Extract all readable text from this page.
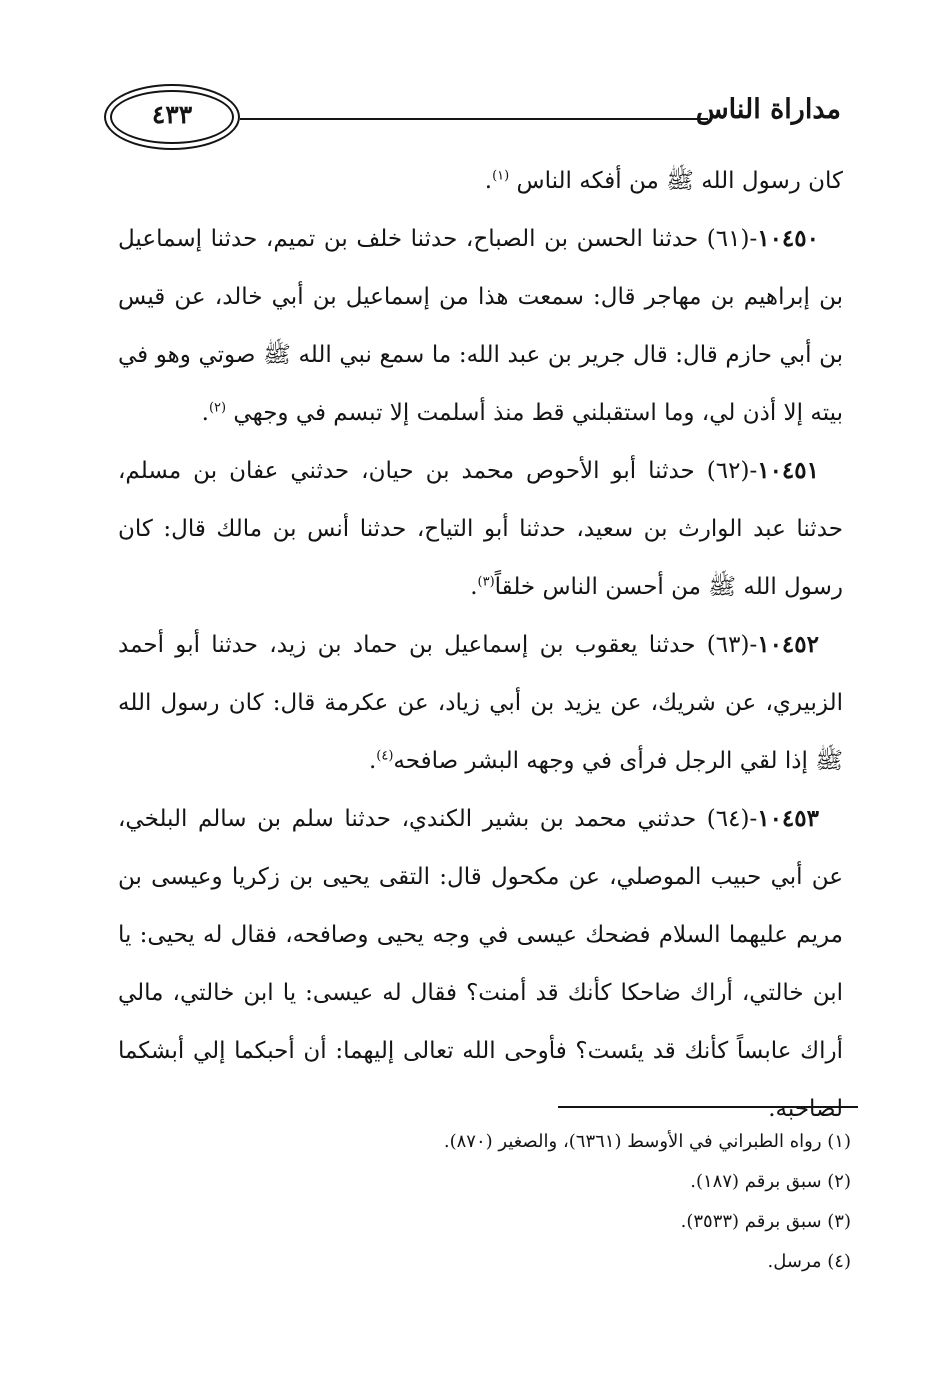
مداراة الناس
٤٣٣

كان رسول الله ﷺ من أفكه الناس $^{(١)}$.

١٠٤٥٠-(٦١) حدثنا الحسن بن الصباح، حدثنا خلف بن تميم، حدثنا إسماعيل بن إبراهيم بن مهاجر قال: سمعت هذا من إسماعيل بن أبي خالد، عن قيس بن أبي حازم قال: قال جرير بن عبد الله: ما سمع نبي الله ﷺ صوتي وهو في بيته إلا أذن لي، وما استقبلني قط منذ أسلمت إلا تبسم في وجهي $^{(٢)}$.

١٠٤٥١-(٦٢) حدثنا أبو الأحوص محمد بن حيان، حدثني عفان بن مسلم، حدثنا عبد الوارث بن سعيد، حدثنا أبو التياح، حدثنا أنس بن مالك قال: كان رسول الله ﷺ من أحسن الناس خلقاً$^{(٣)}$.

١٠٤٥٢-(٦٣) حدثنا يعقوب بن إسماعيل بن حماد بن زيد، حدثنا أبو أحمد الزبيري، عن شريك، عن يزيد بن أبي زياد، عن عكرمة قال: كان رسول الله ﷺ إذا لقي الرجل فرأى في وجهه البشر صافحه$^{(٤)}$.

١٠٤٥٣-(٦٤) حدثني محمد بن بشير الكندي، حدثنا سلم بن سالم البلخي، عن أبي حبيب الموصلي، عن مكحول قال: التقى يحيى بن زكريا وعيسى بن مريم عليهما السلام فضحك عيسى في وجه يحيى وصافحه، فقال له يحيى: يا ابن خالتي، أراك ضاحكا كأنك قد أمنت؟ فقال له عيسى: يا ابن خالتي، مالي أراك عابساً كأنك قد يئست؟ فأوحى الله تعالى إليهما: أن أحبكما إلي أبشكما لصاحبه.

(١) رواه الطبراني في الأوسط (٦٣٦١)، والصغير (٨٧٠).

(٢) سبق برقم (١٨٧).

(٣) سبق برقم (٣٥٣٣).

(٤) مرسل.
